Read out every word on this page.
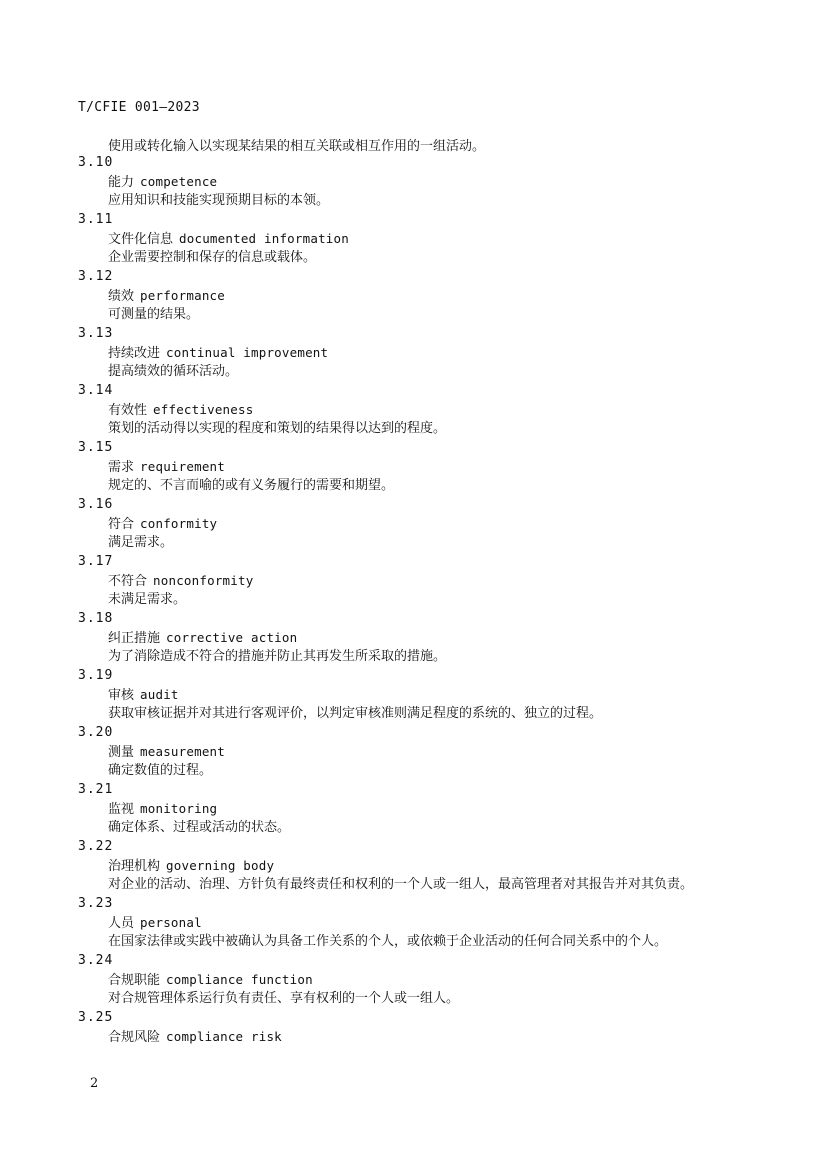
T/CFIE 001—2023
使用或转化输入以实现某结果的相互关联或相互作用的一组活动。
3.10
能力 competence
应用知识和技能实现预期目标的本领。
3.11
文件化信息 documented information
企业需要控制和保存的信息或载体。
3.12
绩效 performance
可测量的结果。
3.13
持续改进 continual improvement
提高绩效的循环活动。
3.14
有效性 effectiveness
策划的活动得以实现的程度和策划的结果得以达到的程度。
3.15
需求 requirement
规定的、不言而喻的或有义务履行的需要和期望。
3.16
符合 conformity
满足需求。
3.17
不符合 nonconformity
未满足需求。
3.18
纠正措施 corrective action
为了消除造成不符合的措施并防止其再发生所采取的措施。
3.19
审核 audit
获取审核证据并对其进行客观评价，以判定审核准则满足程度的系统的、独立的过程。
3.20
测量 measurement
确定数值的过程。
3.21
监视 monitoring
确定体系、过程或活动的状态。
3.22
治理机构 governing body
对企业的活动、治理、方针负有最终责任和权利的一个人或一组人，最高管理者对其报告并对其负责。
3.23
人员 personal
在国家法律或实践中被确认为具备工作关系的个人，或依赖于企业活动的任何合同关系中的个人。
3.24
合规职能 compliance function
对合规管理体系运行负有责任、享有权利的一个人或一组人。
3.25
合规风险 compliance risk
2
